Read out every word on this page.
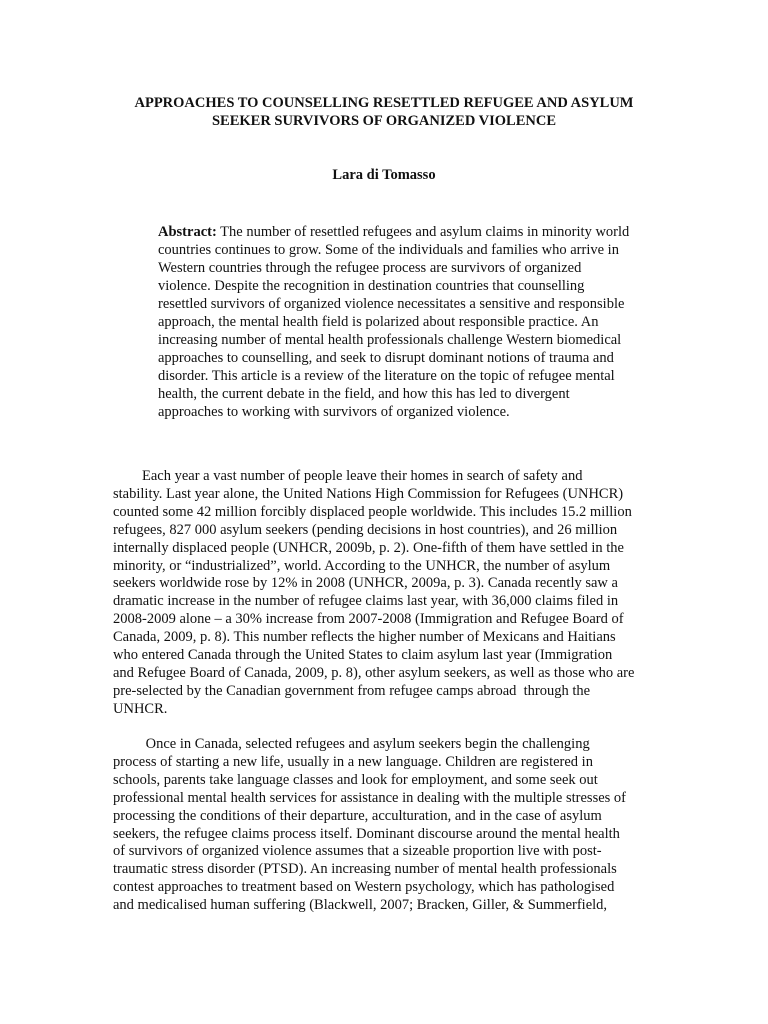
APPROACHES TO COUNSELLING RESETTLED REFUGEE AND ASYLUM
SEEKER SURVIVORS OF ORGANIZED VIOLENCE

Lara di Tomasso

Abstract: The number of resettled refugees and asylum claims in minority world
countries continues to grow. Some of the individuals and families who arrive in
Western countries through the refugee process are survivors of organized
violence. Despite the recognition in destination countries that counselling
resettled survivors of organized violence necessitates a sensitive and responsible
approach, the mental health field is polarized about responsible practice. An
increasing number of mental health professionals challenge Western biomedical
approaches to counselling, and seek to disrupt dominant notions of trauma and
disorder. This article is a review of the literature on the topic of refugee mental
health, the current debate in the field, and how this has led to divergent
approaches to working with survivors of organized violence.

Each year a vast number of people leave their homes in search of safety and
stability. Last year alone, the United Nations High Commission for Refugees (UNHCR)
counted some 42 million forcibly displaced people worldwide. This includes 15.2 million
refugees, 827 000 asylum seekers (pending decisions in host countries), and 26 million
internally displaced people (UNHCR, 2009b, p. 2). One-fifth of them have settled in the
minority, or “industrialized”, world. According to the UNHCR, the number of asylum
seekers worldwide rose by 12% in 2008 (UNHCR, 2009a, p. 3). Canada recently saw a
dramatic increase in the number of refugee claims last year, with 36,000 claims filed in
2008-2009 alone – a 30% increase from 2007-2008 (Immigration and Refugee Board of
Canada, 2009, p. 8). This number reflects the higher number of Mexicans and Haitians
who entered Canada through the United States to claim asylum last year (Immigration
and Refugee Board of Canada, 2009, p. 8), other asylum seekers, as well as those who are
pre-selected by the Canadian government from refugee camps abroad  through the
UNHCR.

Once in Canada, selected refugees and asylum seekers begin the challenging
process of starting a new life, usually in a new language. Children are registered in
schools, parents take language classes and look for employment, and some seek out
professional mental health services for assistance in dealing with the multiple stresses of
processing the conditions of their departure, acculturation, and in the case of asylum
seekers, the refugee claims process itself. Dominant discourse around the mental health
of survivors of organized violence assumes that a sizeable proportion live with post-
traumatic stress disorder (PTSD). An increasing number of mental health professionals
contest approaches to treatment based on Western psychology, which has pathologised
and medicalised human suffering (Blackwell, 2007; Bracken, Giller, & Summerfield,
